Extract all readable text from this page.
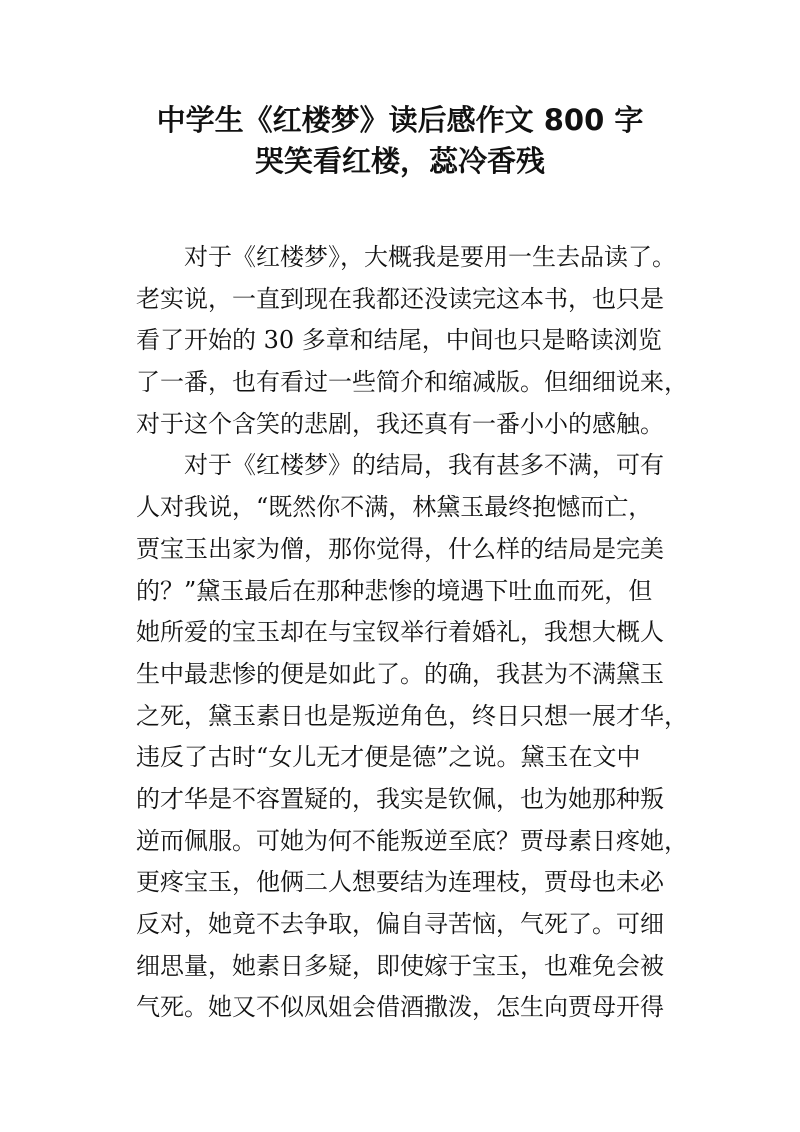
中学生《红楼梦》读后感作文 800 字
哭笑看红楼，蕊冷香残
　　对于《红楼梦》，大概我是要用一生去品读了。
老实说，一直到现在我都还没读完这本书，也只是
看了开始的 30 多章和结尾，中间也只是略读浏览
了一番，也有看过一些简介和缩减版。但细细说来，
对于这个含笑的悲剧，我还真有一番小小的感触。
　　对于《红楼梦》的结局，我有甚多不满，可有
人对我说，“既然你不满，林黛玉最终抱憾而亡，
贾宝玉出家为僧，那你觉得，什么样的结局是完美
的？”黛玉最后在那种悲惨的境遇下吐血而死，但
她所爱的宝玉却在与宝钗举行着婚礼，我想大概人
生中最悲惨的便是如此了。的确，我甚为不满黛玉
之死，黛玉素日也是叛逆角色，终日只想一展才华，
违反了古时“女儿无才便是德”之说。黛玉在文中
的才华是不容置疑的，我实是钦佩，也为她那种叛
逆而佩服。可她为何不能叛逆至底？贾母素日疼她，
更疼宝玉，他俩二人想要结为连理枝，贾母也未必
反对，她竟不去争取，偏自寻苦恼，气死了。可细
细思量，她素日多疑，即使嫁于宝玉，也难免会被
气死。她又不似凤姐会借酒撒泼，怎生向贾母开得
